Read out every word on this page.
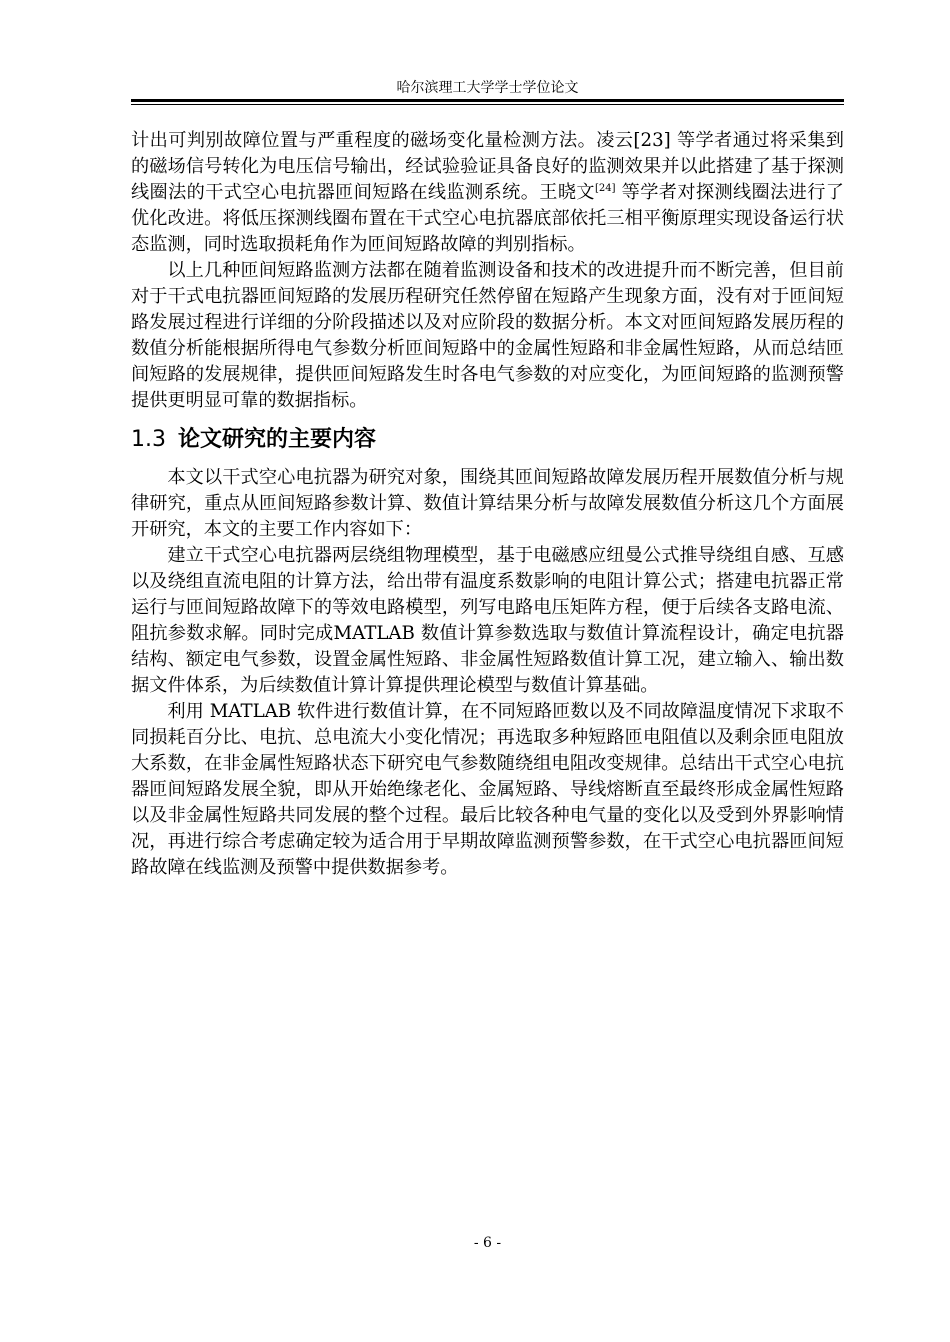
哈尔滨理工大学学士学位论文

计出可判别故障位置与严重程度的磁场变化量检测方法。凌云[23] 等学者通过将采集到的磁场信号转化为电压信号输出，经试验验证具备良好的监测效果并以此搭建了基于探测线圈法的干式空心电抗器匝间短路在线监测系统。王晓文[24] 等学者对探测线圈法进行了优化改进。将低压探测线圈布置在干式空心电抗器底部依托三相平衡原理实现设备运行状态监测，同时选取损耗角作为匝间短路故障的判别指标。

以上几种匝间短路监测方法都在随着监测设备和技术的改进提升而不断完善，但目前对于干式电抗器匝间短路的发展历程研究任然停留在短路产生现象方面，没有对于匝间短路发展过程进行详细的分阶段描述以及对应阶段的数据分析。本文对匝间短路发展历程的数值分析能根据所得电气参数分析匝间短路中的金属性短路和非金属性短路，从而总结匝间短路的发展规律，提供匝间短路发生时各电气参数的对应变化，为匝间短路的监测预警提供更明显可靠的数据指标。

1.3 论文研究的主要内容

本文以干式空心电抗器为研究对象，围绕其匝间短路故障发展历程开展数值分析与规律研究，重点从匝间短路参数计算、数值计算结果分析与故障发展数值分析这几个方面展开研究，本文的主要工作内容如下：

建立干式空心电抗器两层绕组物理模型，基于电磁感应纽曼公式推导绕组自感、互感以及绕组直流电阻的计算方法，给出带有温度系数影响的电阻计算公式；搭建电抗器正常运行与匝间短路故障下的等效电路模型，列写电路电压矩阵方程，便于后续各支路电流、阻抗参数求解。同时完成MATLAB 数值计算参数选取与数值计算流程设计，确定电抗器结构、额定电气参数，设置金属性短路、非金属性短路数值计算工况，建立输入、输出数据文件体系，为后续数值计算计算提供理论模型与数值计算基础。

利用 MATLAB 软件进行数值计算，在不同短路匝数以及不同故障温度情况下求取不同损耗百分比、电抗、总电流大小变化情况；再选取多种短路匝电阻值以及剩余匝电阻放大系数，在非金属性短路状态下研究电气参数随绕组电阻改变规律。总结出干式空心电抗器匝间短路发展全貌，即从开始绝缘老化、金属短路、导线熔断直至最终形成金属性短路以及非金属性短路共同发展的整个过程。最后比较各种电气量的变化以及受到外界影响情况，再进行综合考虑确定较为适合用于早期故障监测预警参数，在干式空心电抗器匝间短路故障在线监测及预警中提供数据参考。

- 6 -
